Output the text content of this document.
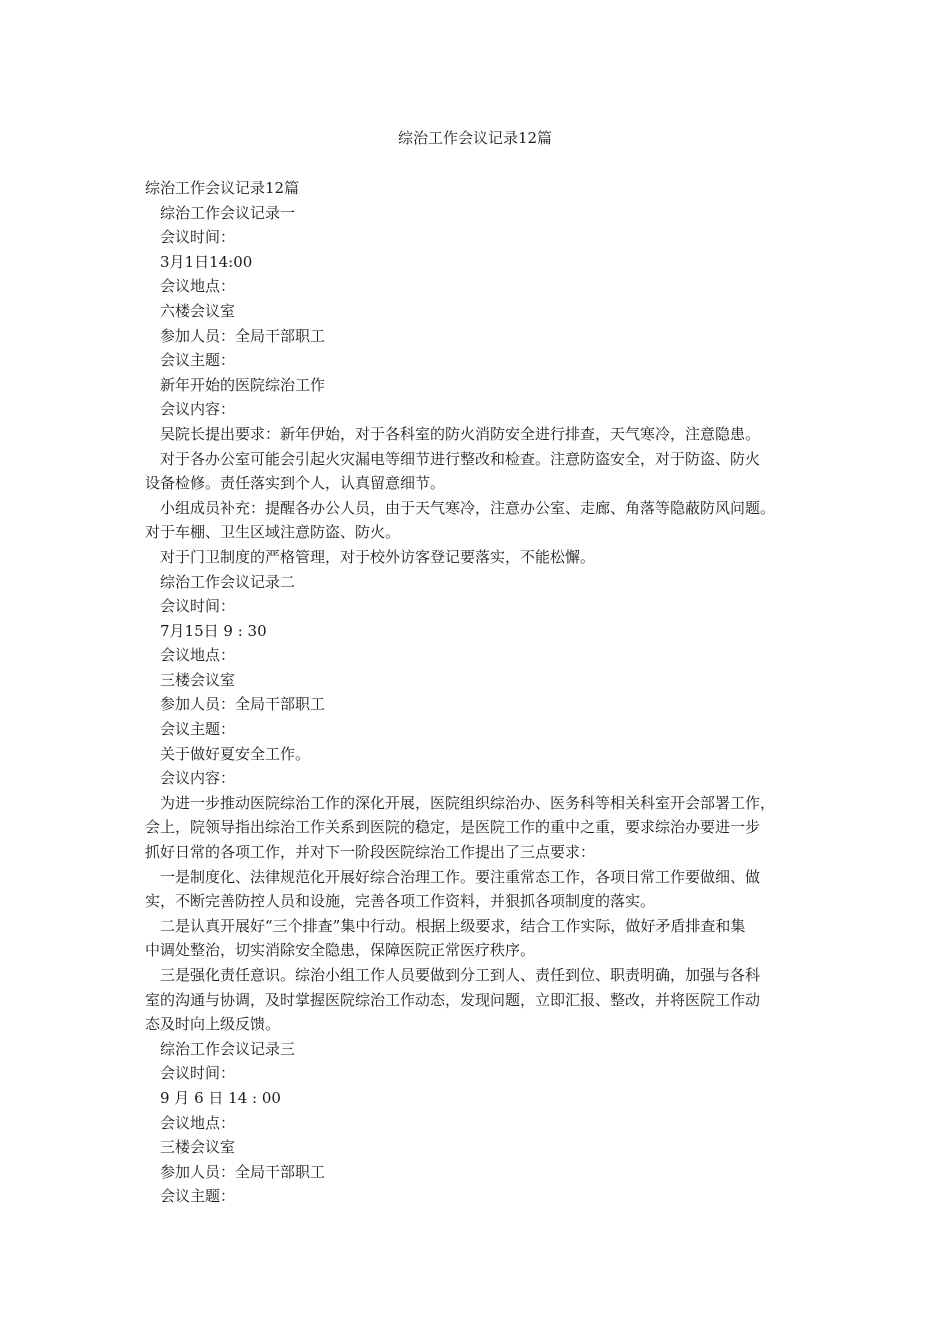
综治工作会议记录12篇

综治工作会议记录12篇

综治工作会议记录一

会议时间：

3月1日14:00

会议地点：

六楼会议室

参加人员：全局干部职工

会议主题：

新年开始的医院综治工作

会议内容：

吴院长提出要求：新年伊始，对于各科室的防火消防安全进行排查，天气寒冷，注意隐患。

对于各办公室可能会引起火灾漏电等细节进行整改和检查。注意防盗安全，对于防盗、防火

设备检修。责任落实到个人，认真留意细节。

小组成员补充：提醒各办公人员，由于天气寒冷，注意办公室、走廊、角落等隐蔽防风问题。

对于车棚、卫生区域注意防盗、防火。

对于门卫制度的严格管理，对于校外访客登记要落实，不能松懈。

综治工作会议记录二

会议时间：

7月15日 9 : 30

会议地点：

三楼会议室

参加人员：全局干部职工

会议主题：

关于做好夏安全工作。

会议内容：

为进一步推动医院综治工作的深化开展，医院组织综治办、医务科等相关科室开会部署工作，

会上，院领导指出综治工作关系到医院的稳定，是医院工作的重中之重，要求综治办要进一步

抓好日常的各项工作，并对下一阶段医院综治工作提出了三点要求：

一是制度化、法律规范化开展好综合治理工作。要注重常态工作，各项日常工作要做细、做

实，不断完善防控人员和设施，完善各项工作资料，并狠抓各项制度的落实。

二是认真开展好“三个排查”集中行动。根据上级要求，结合工作实际，做好矛盾排查和集

中调处整治，切实消除安全隐患，保障医院正常医疗秩序。

三是强化责任意识。综治小组工作人员要做到分工到人、责任到位、职责明确，加强与各科

室的沟通与协调，及时掌握医院综治工作动态，发现问题，立即汇报、整改，并将医院工作动

态及时向上级反馈。

综治工作会议记录三

会议时间：

9 月 6 日 14 : 00

会议地点：

三楼会议室

参加人员：全局干部职工

会议主题：
